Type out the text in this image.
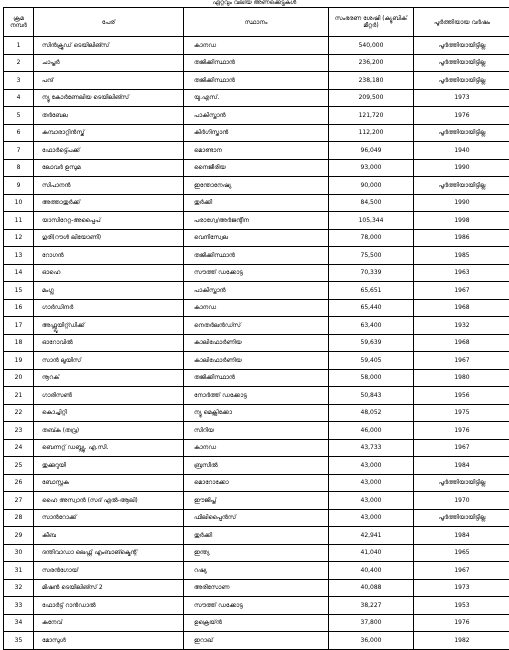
ഏറ്റവും വലിയ അണക്കെട്ടുകൾ
ക്രമ നമ്പർ	പേര്	സ്ഥാനം	സംഭരണ ശേഷി (ക്യൂബിക് മീറ്റർ)	പൂർത്തിയായ വർഷം
1	സിൻക്രൂഡ് ടെയിലിങ്സ്	കാനഡ	540,000	പൂർത്തിയായിട്ടില്ല
2	ചാപ്തർ	തജിക്കിസ്ഥാൻ	236,200	പൂർത്തിയായിട്ടില്ല
3	പന്ദ്	തജിക്കിസ്ഥാൻ	238,180	പൂർത്തിയായിട്ടില്ല
4	ന്യൂ കോർണേലിയ ടെയിലിങ്സ്	യു.എസ്.	209,500	1973
5	തർബേല	പാകിസ്താൻ	121,720	1976
6	കമ്പാരാറ്റിൻസ്ക്	കിർഗിസ്താൻ	112,200	പൂർത്തിയായിട്ടില്ല
7	ഫോർട്ട്പെക്ക്	മൊണ്ടാന	96,049	1940
8	ലോവർ ഉസുമ	നൈജീരിയ	93,000	1990
9	സിപാനൻ	ഇന്തോനേഷ്യ	90,000	പൂർത്തിയായിട്ടില്ല
10	അത്താതുർക്ക്	തുർക്കി	84,500	1990
11	യാസിറേറ്റ-അപ്പൈപ്	പരാഗ്വേ/അർജന്റീന	105,344	1998
12	ഗുരി(റൗൾ ലിയോണി)	വെനിസ്വേല	78,000	1986
13	റോഗൻ	തജിക്കിസ്ഥാൻ	75,500	1985
14	ഓഹെ	സൗത്ത് ഡക്കോട്ട	70,339	1963
15	മംഗ്ല	പാകിസ്താൻ	65,651	1967
16	ഗാർഡിനർ	കാനഡ	65,440	1968
17	അഫ്സ്ലൂയിറ്റ്ഡിക്ക്	നെതർലൻഡ്സ്	63,400	1932
18	ഓറോവിൽ	കാലിഫോർണിയ	59,639	1968
19	സാൻ ലൂയിസ്	കാലിഫോർണിയ	59,405	1967
20	നൂറക്	തജിക്കിസ്ഥാൻ	58,000	1980
21	ഗാരിസൺ	നോർത്ത് ഡക്കോട്ട	50,843	1956
22	കൊച്ചിറ്റി	ന്യൂ മെക്സിക്കോ	48,052	1975
23	തബ്ക (തവ്ര)	സിറിയ	46,000	1976
24	ബെന്നറ്റ് ഡബ്ല്യൂ. എ.സി.	കാനഡ	43,733	1967
25	തുക്കുറുയി	ബ്രസീൽ	43,000	1984
26	ബോസ്റ്റക	മൊറോക്കോ	43,000	പൂർത്തിയായിട്ടില്ല
27	ഹൈ അസ്വാൻ (സദ് എൽ-ആലി)	ഈജിപ്ത്	43,000	1970
28	സാൻറോക്ക്	ഫിലിപ്പൈൻസ്	43,000	പൂർത്തിയായിട്ടില്ല
29	കീബ	തുർക്കി	42,941	1984
30	ദന്തിവാഡാ ലെഫ്റ്റ് എംബാങ്ക്മെന്റ്	ഇന്ത്യ	41,040	1965
31	സരൻഗോയ്	റഷ്യ	40,400	1967
32	മിഷൻ ടെയിലിങ്സ് 2	അരിസോണ	40,088	1973
33	ഫോർട്ട് റാൻഡാൽ	സൗത്ത് ഡക്കോട്ട	38,227	1953
34	കനേവ്	ഉക്രെയ്ൻ	37,800	1976
35	മോസുൾ	ഇറാഖ്	36,000	1982
